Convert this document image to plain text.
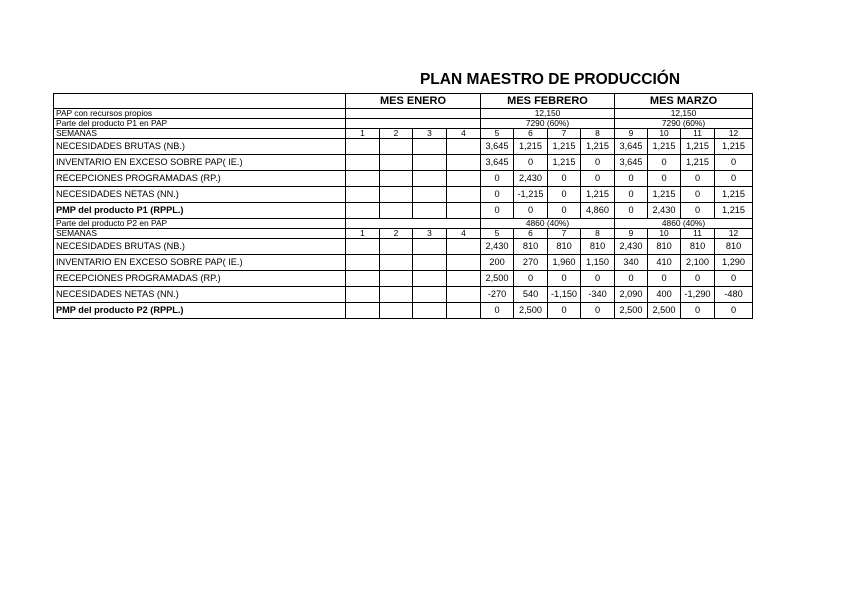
PLAN MAESTRO DE PRODUCCIÓN
	MES ENERO				MES FEBRERO				MES MARZO			
PAP con recursos propios					12,150				12,150			
Parte del producto P1 en PAP					7290 (60%)				7290 (60%)			
SEMANAS	1	2	3	4	5	6	7	8	9	10	11	12
NECESIDADES BRUTAS (NB.)					3,645	1,215	1,215	1,215	3,645	1,215	1,215	1,215
INVENTARIO EN EXCESO SOBRE PAP( IE.)					3,645	0	1,215	0	3,645	0	1,215	0
RECEPCIONES PROGRAMADAS (RP.)					0	2,430	0	0	0	0	0	0
NECESIDADES NETAS (NN.)					0	-1,215	0	1,215	0	1,215	0	1,215
PMP del producto P1 (RPPL.)					0	0	0	4,860	0	2,430	0	1,215
Parte del producto P2 en PAP					4860 (40%)				4860 (40%)			
SEMANAS	1	2	3	4	5	6	7	8	9	10	11	12
NECESIDADES BRUTAS (NB.)					2,430	810	810	810	2,430	810	810	810
INVENTARIO EN EXCESO SOBRE PAP( IE.)					200	270	1,960	1,150	340	410	2,100	1,290
RECEPCIONES PROGRAMADAS (RP.)					2,500	0	0	0	0	0	0	0
NECESIDADES NETAS (NN.)					-270	540	-1,150	-340	2,090	400	-1,290	-480
PMP del producto P2 (RPPL.)					0	2,500	0	0	2,500	2,500	0	0
